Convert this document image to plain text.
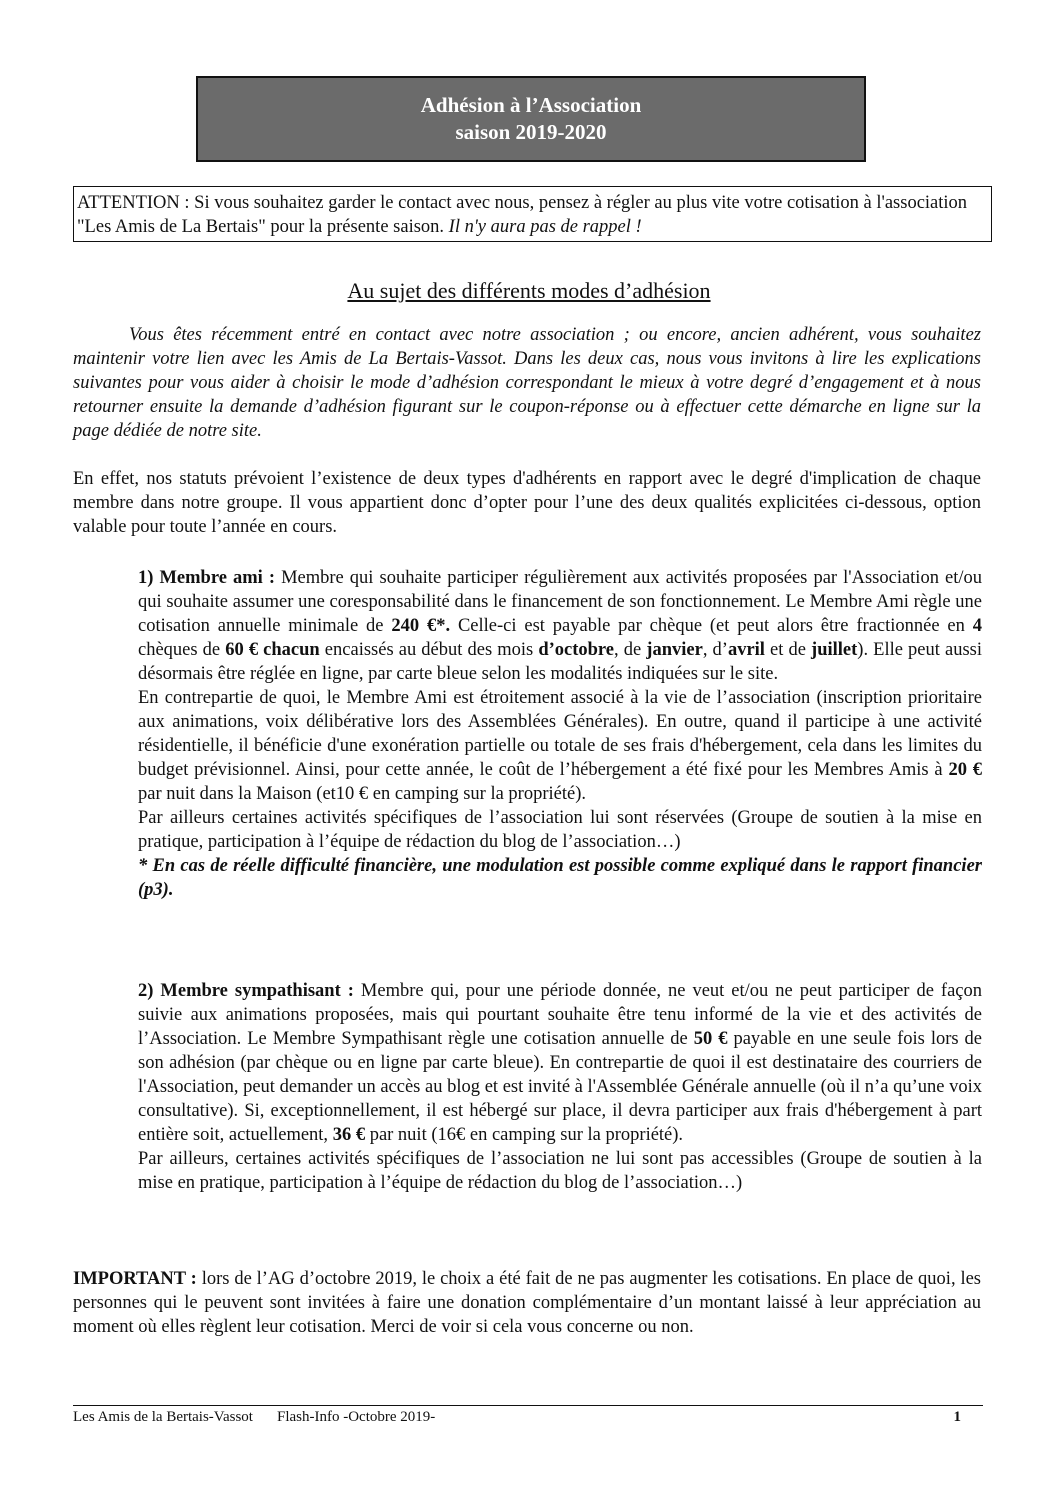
Adhésion à l’Association
saison 2019-2020
ATTENTION : Si vous souhaitez garder le contact avec nous, pensez à régler au plus vite votre cotisation à l'association "Les Amis de La Bertais" pour la présente saison. Il n'y aura pas de rappel !
Au sujet des différents modes d’adhésion
Vous êtes récemment entré en contact avec notre association ; ou encore, ancien adhérent, vous souhaitez maintenir votre lien avec les Amis de La Bertais-Vassot. Dans les deux cas, nous vous invitons à lire les explications suivantes pour vous aider à choisir le mode d’adhésion correspondant le mieux à votre degré d’engagement et à nous retourner ensuite la demande d’adhésion figurant sur le coupon-réponse ou à effectuer cette démarche en ligne sur la page dédiée de notre site.
En effet, nos statuts prévoient l’existence de deux types d'adhérents en rapport avec le degré d'implication de chaque membre dans notre groupe. Il vous appartient donc d’opter pour l’une des deux qualités explicitées ci-dessous, option valable pour toute l’année en cours.
1) Membre ami : Membre qui souhaite participer régulièrement aux activités proposées par l'Association et/ou qui souhaite assumer une coresponsabilité dans le financement de son fonctionnement. Le Membre Ami règle une cotisation annuelle minimale de 240 €*. Celle-ci est payable par chèque (et peut alors être fractionnée en 4 chèques de 60 € chacun encaissés au début des mois d’octobre, de janvier, d’avril et de juillet). Elle peut aussi désormais être réglée en ligne, par carte bleue selon les modalités indiquées sur le site.
En contrepartie de quoi, le Membre Ami est étroitement associé à la vie de l’association (inscription prioritaire aux animations, voix délibérative lors des Assemblées Générales). En outre, quand il participe à une activité résidentielle, il bénéficie d'une exonération partielle ou totale de ses frais d'hébergement, cela dans les limites du budget prévisionnel. Ainsi, pour cette année, le coût de l’hébergement a été fixé pour les Membres Amis à 20 € par nuit dans la Maison (et10 € en camping sur la propriété).
Par ailleurs certaines activités spécifiques de l’association lui sont réservées (Groupe de soutien à la mise en pratique, participation à l’équipe de rédaction du blog de l’association…)
* En cas de réelle difficulté financière, une modulation est possible comme expliqué dans le rapport financier (p3).
2) Membre sympathisant : Membre qui, pour une période donnée, ne veut et/ou ne peut participer de façon suivie aux animations proposées, mais qui pourtant souhaite être tenu informé de la vie et des activités de l’Association. Le Membre Sympathisant règle une cotisation annuelle de 50 € payable en une seule fois lors de son adhésion (par chèque ou en ligne par carte bleue). En contrepartie de quoi il est destinataire des courriers de l'Association, peut demander un accès au blog et est invité à l'Assemblée Générale annuelle (où il n’a qu’une voix consultative). Si, exceptionnellement, il est hébergé sur place, il devra participer aux frais d'hébergement à part entière soit, actuellement, 36 € par nuit (16€ en camping sur la propriété).
Par ailleurs, certaines activités spécifiques de l’association ne lui sont pas accessibles (Groupe de soutien à la mise en pratique, participation à l’équipe de rédaction du blog de l’association…)
IMPORTANT : lors de l’AG d’octobre 2019, le choix a été fait de ne pas augmenter les cotisations. En place de quoi, les personnes qui le peuvent sont invitées à faire une donation complémentaire d’un montant laissé à leur appréciation au moment où elles règlent leur cotisation. Merci de voir si cela vous concerne ou non.
Les Amis de la Bertais-Vassot Flash-Info -Octobre 2019-	1
